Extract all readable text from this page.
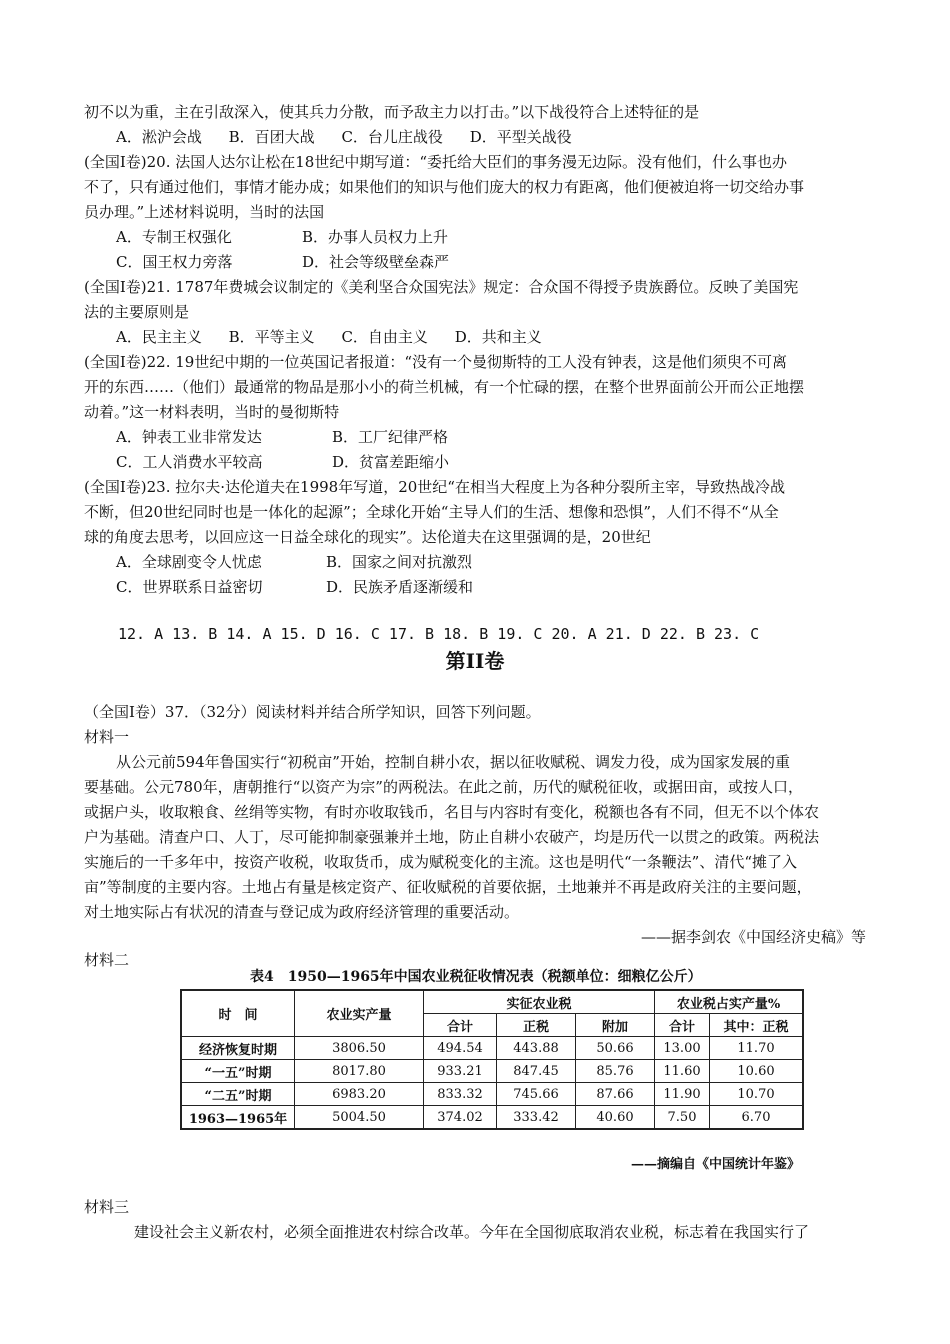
初不以为重，主在引敌深入，使其兵力分散，而予敌主力以打击。”以下战役符合上述特征的是
A．淞沪会战 B．百团大战 C．台儿庄战役 D．平型关战役
(全国Ⅰ卷)20. 法国人达尔让松在18世纪中期写道：“委托给大臣们的事务漫无边际。没有他们，什么事也办
不了，只有通过他们，事情才能办成；如果他们的知识与他们庞大的权力有距离，他们便被迫将一切交给办事
员办理。”上述材料说明，当时的法国
A．专制王权强化	B．办事人员权力上升
C．国王权力旁落	D．社会等级壁垒森严
(全国Ⅰ卷)21. 1787年费城会议制定的《美利坚合众国宪法》规定：合众国不得授予贵族爵位。反映了美国宪
法的主要原则是
A．民主主义 B．平等主义 C．自由主义 D．共和主义
(全国Ⅰ卷)22. 19世纪中期的一位英国记者报道：“没有一个曼彻斯特的工人没有钟表，这是他们须臾不可离
开的东西……（他们）最通常的物品是那小小的荷兰机械，有一个忙碌的摆，在整个世界面前公开而公正地摆
动着。”这一材料表明，当时的曼彻斯特
A．钟表工业非常发达	B．工厂纪律严格
C．工人消费水平较高	D．贫富差距缩小
(全国Ⅰ卷)23. 拉尔夫·达伦道夫在1998年写道，20世纪“在相当大程度上为各种分裂所主宰，导致热战冷战
不断，但20世纪同时也是一体化的起源”；全球化开始“主导人们的生活、想像和恐惧”，人们不得不“从全
球的角度去思考，以回应这一日益全球化的现实”。达伦道夫在这里强调的是，20世纪
A．全球剧变令人忧虑	B．国家之间对抗激烈
C．世界联系日益密切	D．民族矛盾逐渐缓和
12. A 13. B 14. A 15. D 16. C 17. B 18. B 19. C 20. A 21. D 22. B 23. C
第II卷
（全国Ⅰ卷）37．（32分）阅读材料并结合所学知识，回答下列问题。
材料一
从公元前594年鲁国实行“初税亩”开始，控制自耕小农，据以征收赋税、调发力役，成为国家发展的重
要基础。公元780年，唐朝推行“以资产为宗”的两税法。在此之前，历代的赋税征收，或据田亩，或按人口，
或据户头，收取粮食、丝绢等实物，有时亦收取钱币，名目与内容时有变化，税额也各有不同，但无不以个体农
户为基础。清查户口、人丁，尽可能抑制豪强兼并土地，防止自耕小农破产，均是历代一以贯之的政策。两税法
实施后的一千多年中，按资产收税，收取货币，成为赋税变化的主流。这也是明代“一条鞭法”、清代“摊了入
亩”等制度的主要内容。土地占有量是核定资产、征收赋税的首要依据，土地兼并不再是政府关注的主要问题，
对土地实际占有状况的清查与登记成为政府经济管理的重要活动。
——据李剑农《中国经济史稿》等
材料二
表4　1950—1965年中国农业税征收情况表（税额单位：细粮亿公斤）
时　间	农业实产量	实征农业税			农业税占实产量%	
		合计	正税	附加	合计	其中：正税
经济恢复时期	3806.50	494.54	443.88	50.66	13.00	11.70
“一五”时期	8017.80	933.21	847.45	85.76	11.60	10.60
“二五”时期	6983.20	833.32	745.66	87.66	11.90	10.70
1963—1965年	5004.50	374.02	333.42	40.60	7.50	6.70
——摘编自《中国统计年鉴》
材料三
建设社会主义新农村，必须全面推进农村综合改革。今年在全国彻底取消农业税，标志着在我国实行了
